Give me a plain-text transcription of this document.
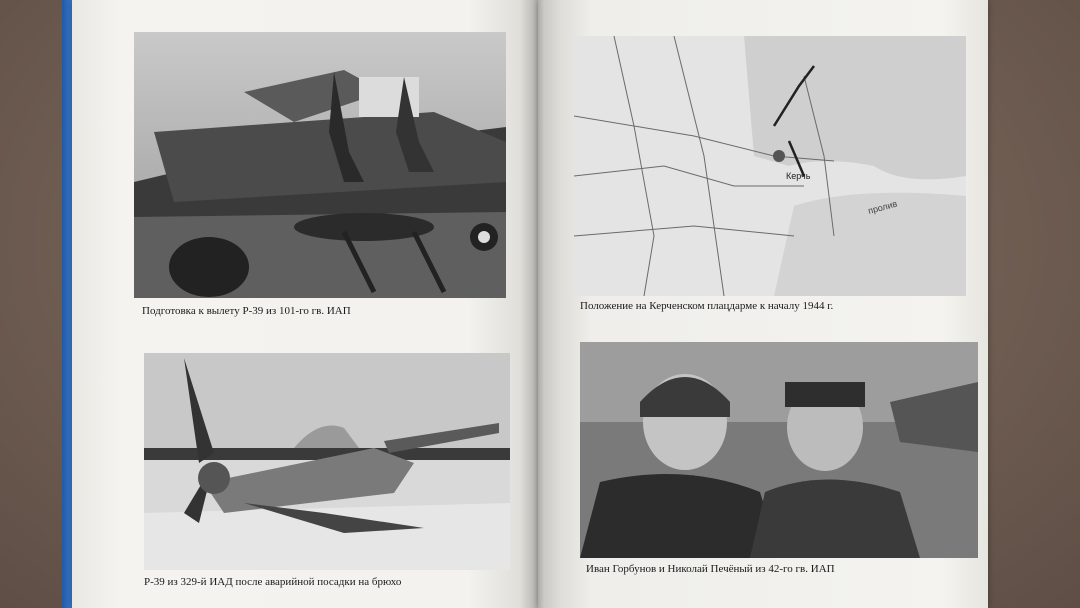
Подготовка к вылету Р-39 из 101-го гв. ИАП
Р-39 из 329-й ИАД после аварийной посадки на брюхо
Керчь
пролив
Положение на Керченском плацдарме к началу 1944 г.
Иван Горбунов и Николай Печёный из 42-го гв. ИАП
